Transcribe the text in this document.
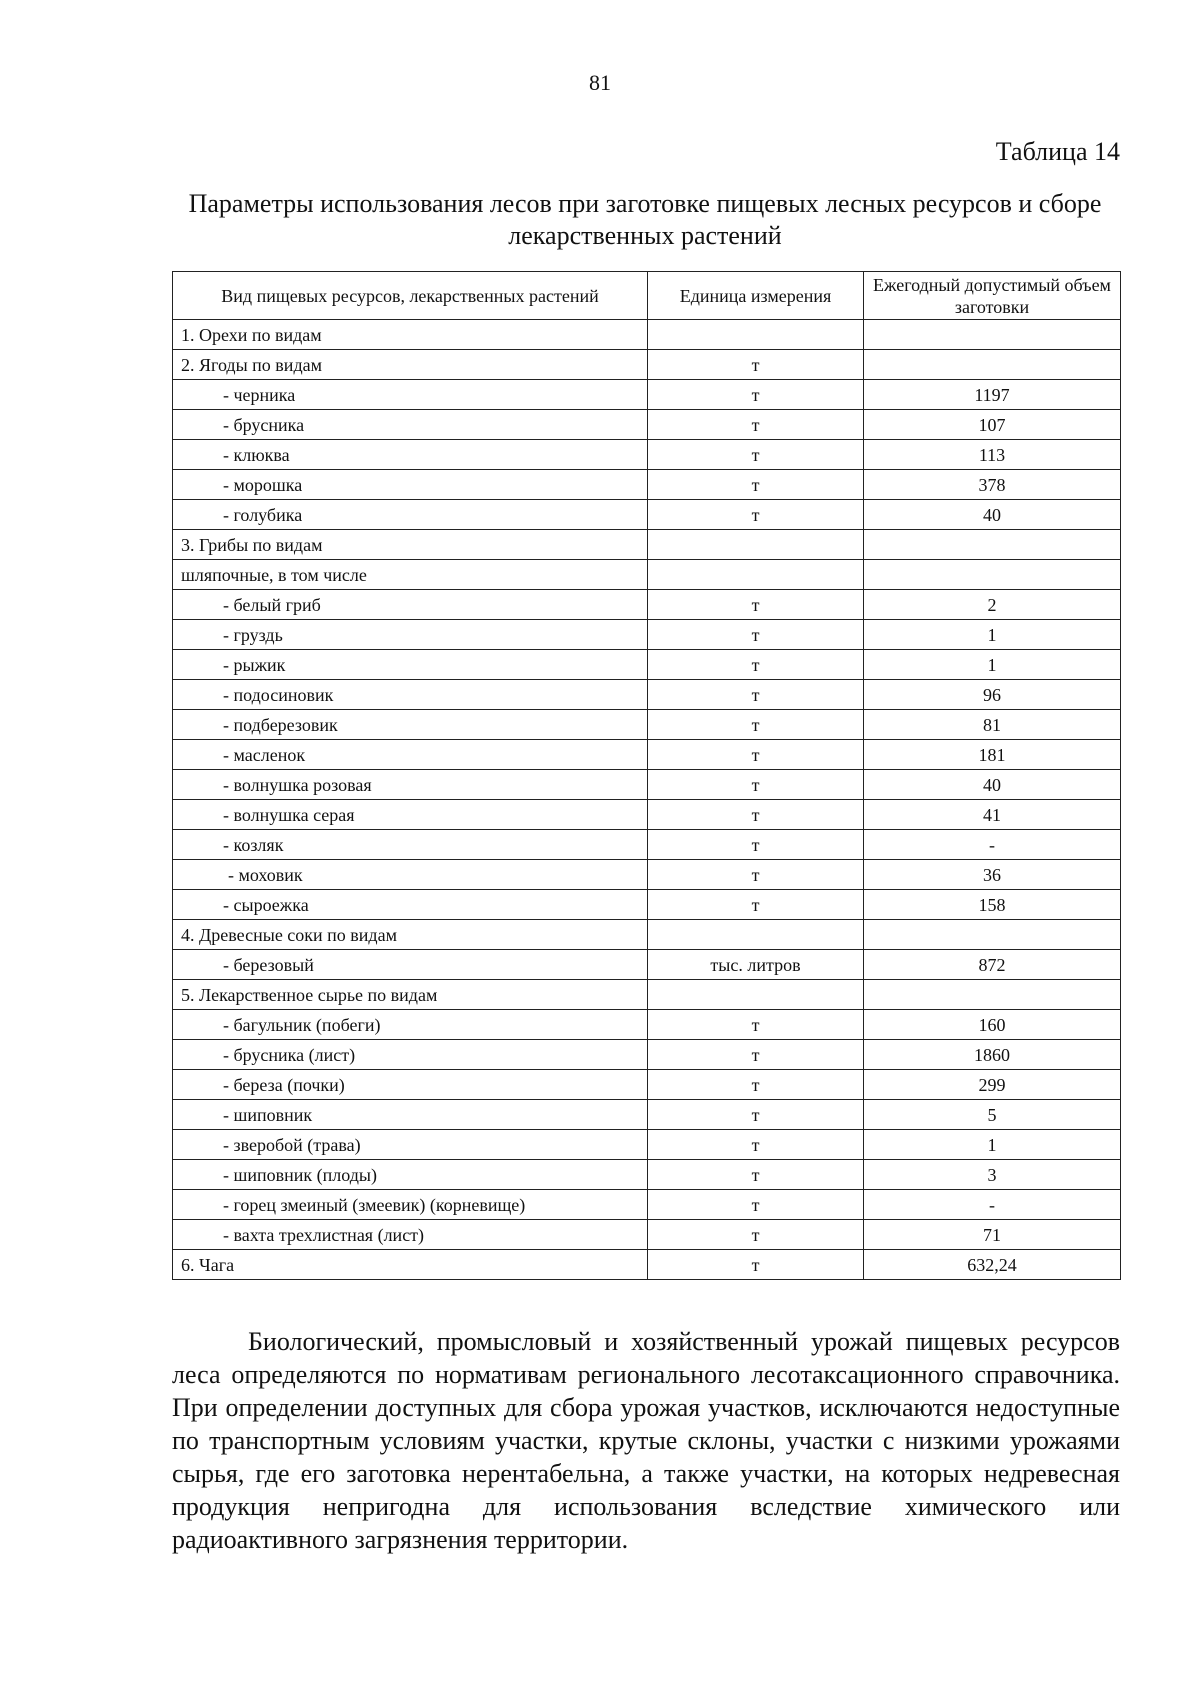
81
Таблица 14
Параметры использования лесов при заготовке пищевых лесных ресурсов и сборе лекарственных растений
Вид пищевых ресурсов, лекарственных растений	Единица измерения	Ежегодный допустимый объем заготовки
1. Орехи по видам		
2. Ягоды по видам	т	
- черника	т	1197
- брусника	т	107
- клюква	т	113
- морошка	т	378
- голубика	т	40
3. Грибы по видам		
шляпочные, в том числе		
- белый гриб	т	2
- груздь	т	1
- рыжик	т	1
- подосиновик	т	96
- подберезовик	т	81
- масленок	т	181
- волнушка розовая	т	40
- волнушка серая	т	41
- козляк	т	-
- моховик	т	36
- сыроежка	т	158
4. Древесные соки по видам		
- березовый	тыс. литров	872
5. Лекарственное сырье по видам		
- багульник (побеги)	т	160
- брусника (лист)	т	1860
- береза (почки)	т	299
- шиповник	т	5
- зверобой (трава)	т	1
- шиповник (плоды)	т	3
- горец змеиный (змеевик) (корневище)	т	-
- вахта трехлистная (лист)	т	71
6. Чага	т	632,24

Биологический, промысловый и хозяйственный урожай пищевых ресурсов леса определяются по нормативам регионального лесотаксационного справочника. При определении доступных для сбора урожая участков, исключаются недоступные по транспортным условиям участки, крутые склоны, участки с низкими урожаями сырья, где его заготовка нерентабельна, а также участки, на которых недревесная продукция непригодна для использования вследствие химического или радиоактивного загрязнения территории.
